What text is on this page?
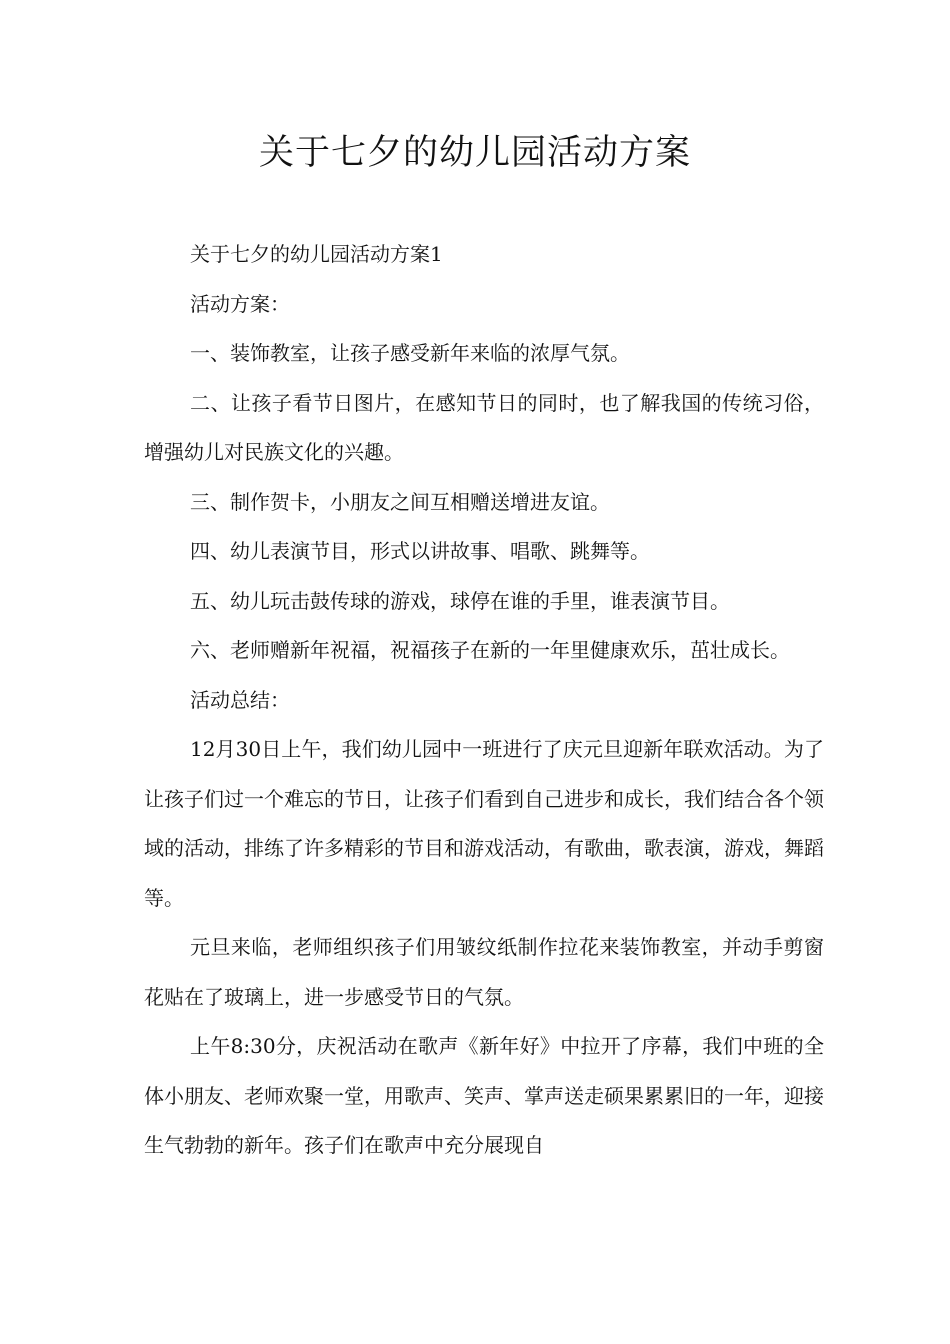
关于七夕的幼儿园活动方案

关于七夕的幼儿园活动方案1

活动方案：

一、装饰教室，让孩子感受新年来临的浓厚气氛。

二、让孩子看节日图片，在感知节日的同时，也了解我国的传统习俗，增强幼儿对民族文化的兴趣。

三、制作贺卡，小朋友之间互相赠送增进友谊。

四、幼儿表演节目，形式以讲故事、唱歌、跳舞等。

五、幼儿玩击鼓传球的游戏，球停在谁的手里，谁表演节目。

六、老师赠新年祝福，祝福孩子在新的一年里健康欢乐，茁壮成长。

活动总结：

12月30日上午，我们幼儿园中一班进行了庆元旦迎新年联欢活动。为了让孩子们过一个难忘的节日，让孩子们看到自己进步和成长，我们结合各个领域的活动，排练了许多精彩的节目和游戏活动，有歌曲，歌表演，游戏，舞蹈等。

元旦来临，老师组织孩子们用皱纹纸制作拉花来装饰教室，并动手剪窗花贴在了玻璃上，进一步感受节日的气氛。

上午8:30分，庆祝活动在歌声《新年好》中拉开了序幕，我们中班的全体小朋友、老师欢聚一堂，用歌声、笑声、掌声送走硕果累累旧的一年，迎接生气勃勃的新年。孩子们在歌声中充分展现自
